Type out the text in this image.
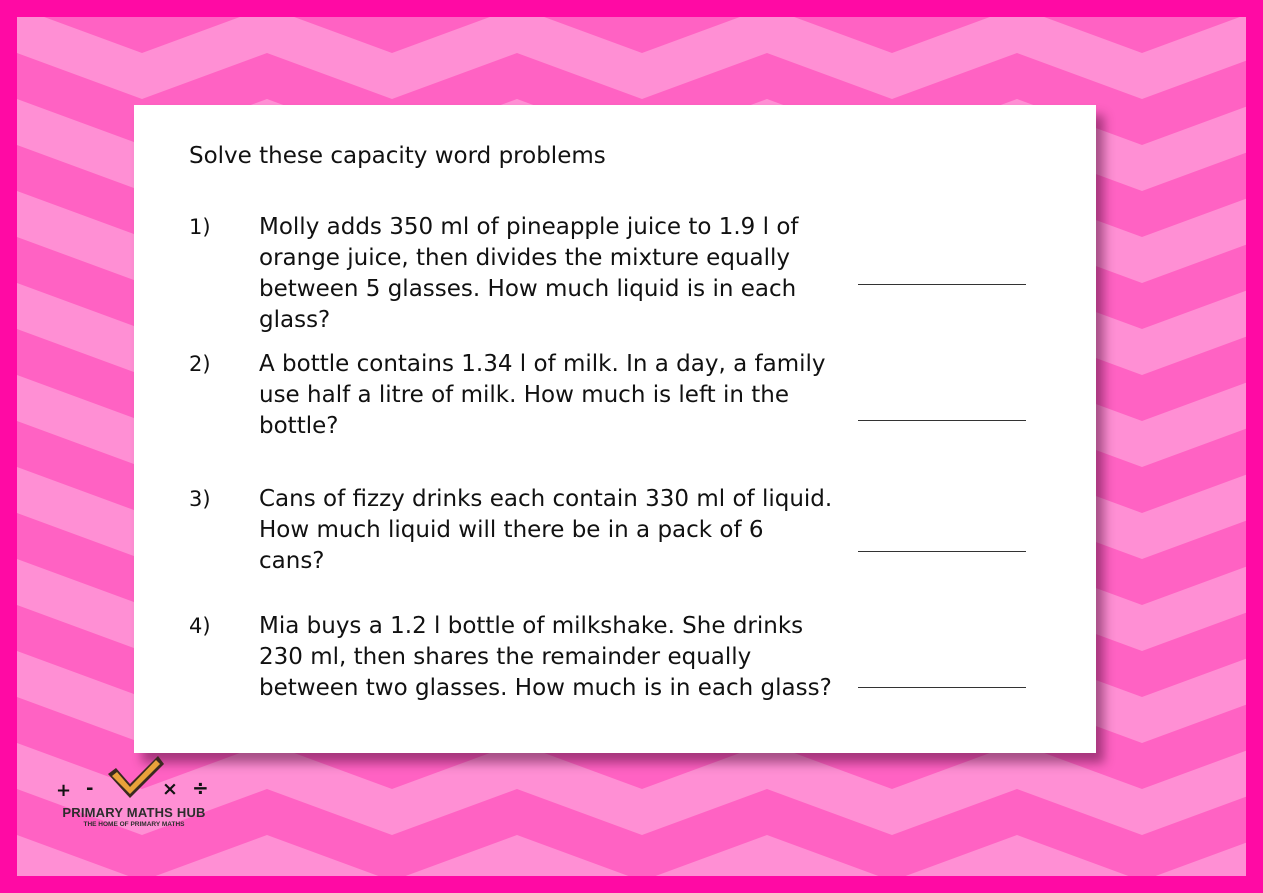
Solve these capacity word problems
1) Molly adds 350 ml of pineapple juice to 1.9 l of orange juice, then divides the mixture equally between 5 glasses. How much liquid is in each glass?
2) A bottle contains 1.34 l of milk. In a day, a family use half a litre of milk. How much is left in the bottle?
3) Cans of fizzy drinks each contain 330 ml of liquid. How much liquid will there be in a pack of 6 cans?
4) Mia buys a 1.2 l bottle of milkshake. She drinks 230 ml, then shares the remainder equally between two glasses. How much is in each glass?
+ -	× ÷
PRIMARY MATHS HUB
THE HOME OF PRIMARY MATHS
